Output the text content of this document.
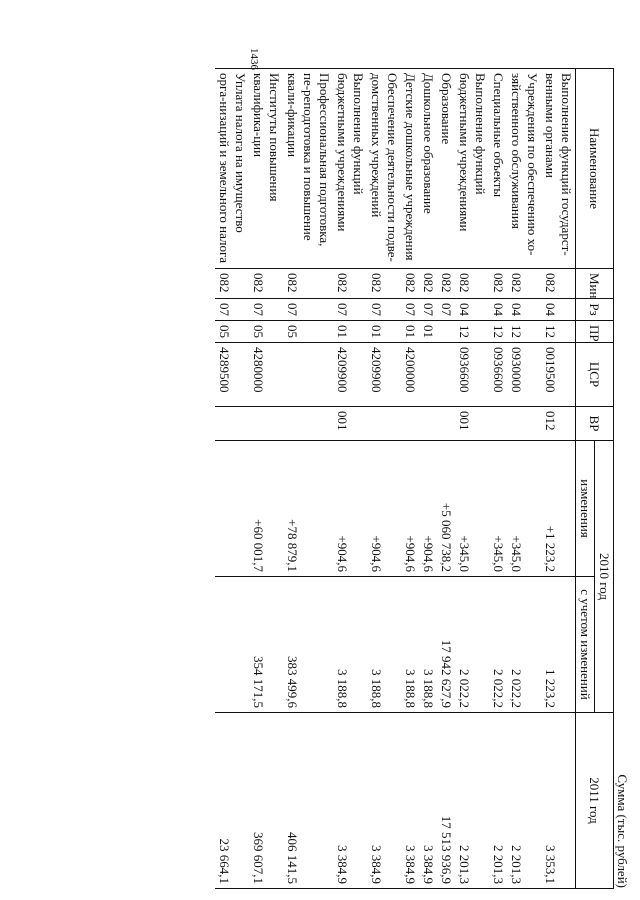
1436
Сумма (тыс. рублей)
Наименование	Мин	Рз	ПР	ЦСР	ВР	2010 год		2011 год
						изменения	с учетом изменений	
Выполнение функций государст-венными органами	082	04	12	0019500	012	+1 223,2	1 223,2	3 353,1
Учреждения по обеспечению хо-зяйственного обслуживания	082	04	12	0930000		+345,0	2 022,2	2 201,3
Специальные объекты	082	04	12	0936600		+345,0	2 022,2	2 201,3
Выполнение функций бюджетными учреждениями	082	04	12	0936600	001	+345,0	2 022,2	2 201,3
Образование	082	07				+5 060 738,2	17 942 627,9	17 513 936,9
Дошкольное образование	082	07	01			+904,6	3 188,8	3 384,9
Детские дошкольные учреждения	082	07	01	4200000		+904,6	3 188,8	3 384,9
Обеспечение деятельности подве-домственных учреждений	082	07	01	4209900		+904,6	3 188,8	3 384,9
Выполнение функций бюджетными учреждениями	082	07	01	4209900	001	+904,6	3 188,8	3 384,9
Профессиональная подготовка, пе-реподготовка и повышение квали-фикации	082	07	05			+78 879,1	383 499,6	406 141,5
Институты повышения квалифика-ции	082	07	05	4280000		+60 001,7	354 171,5	369 607,1
Уплата налога на имущество орга-низаций и земельного налога	082	07	05	4289500				23 664,1
